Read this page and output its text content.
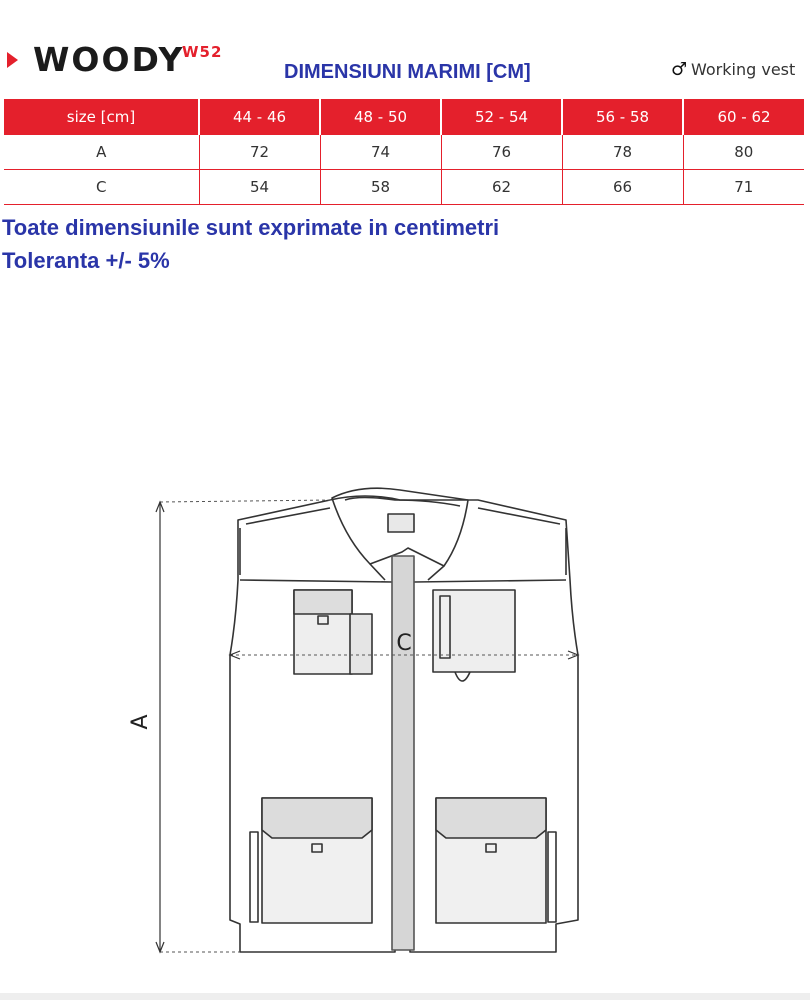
WOODY
W52
DIMENSIUNI MARIMI [CM]	♂ Working vest
size [cm]	44 - 46	48 - 50	52 - 54	56 - 58	60 - 62
A	72	74	76	78	80
C	54	58	62	66	71
Toate dimensiunile sunt exprimate in centimetri
Toleranta +/- 5%
A
C
